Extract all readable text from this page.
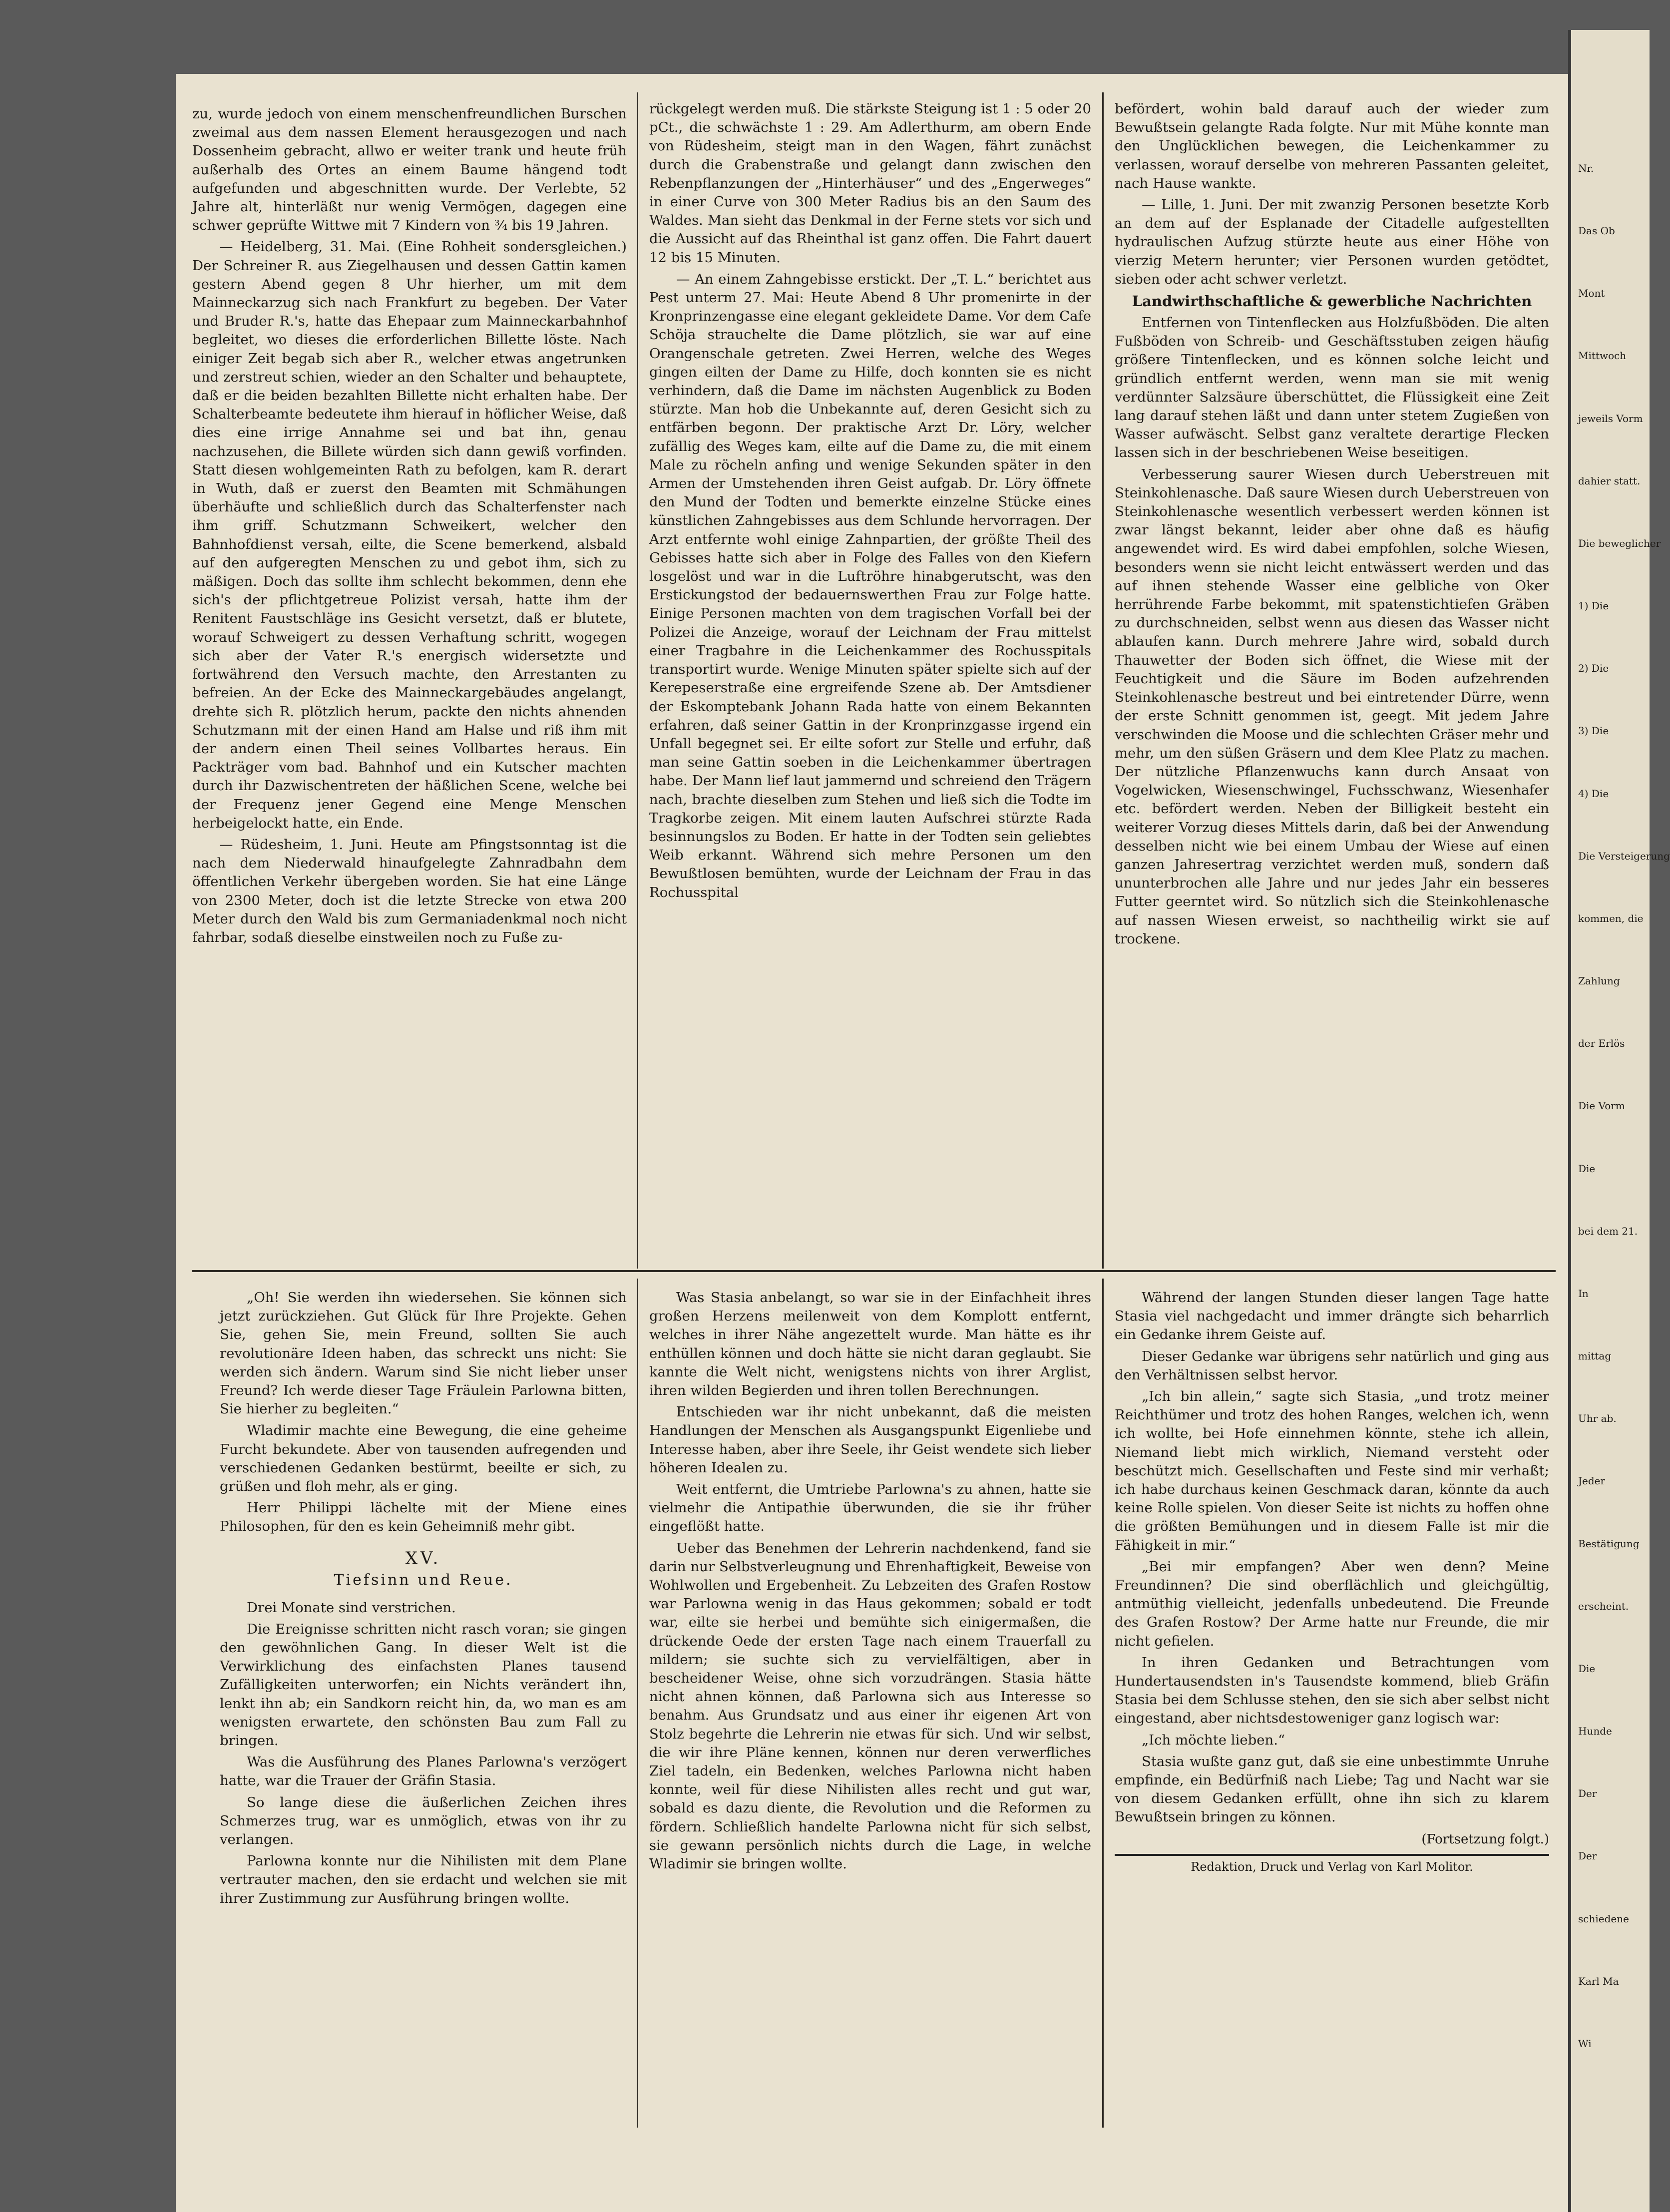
zu, wurde jedoch von einem menschenfreundlichen Burschen zweimal aus dem nassen Element herausgezogen und nach Dossenheim gebracht, allwo er weiter trank und heute früh außerhalb des Ortes an einem Baume hängend todt aufgefunden und abgeschnitten wurde. Der Verlebte, 52 Jahre alt, hinterläßt nur wenig Vermögen, dagegen eine schwer geprüfte Wittwe mit 7 Kindern von ¾ bis 19 Jahren.

— Heidelberg, 31. Mai. (Eine Rohheit sondersgleichen.) Der Schreiner R. aus Ziegelhausen und dessen Gattin kamen gestern Abend gegen 8 Uhr hierher, um mit dem Mainneckarzug sich nach Frankfurt zu begeben. Der Vater und Bruder R.'s, hatte das Ehepaar zum Mainneckarbahnhof begleitet, wo dieses die erforderlichen Billette löste. Nach einiger Zeit begab sich aber R., welcher etwas angetrunken und zerstreut schien, wieder an den Schalter und behauptete, daß er die beiden bezahlten Billette nicht erhalten habe. Der Schalterbeamte bedeutete ihm hierauf in höflicher Weise, daß dies eine irrige Annahme sei und bat ihn, genau nachzusehen, die Billete würden sich dann gewiß vorfinden. Statt diesen wohlgemeinten Rath zu befolgen, kam R. derart in Wuth, daß er zuerst den Beamten mit Schmähungen überhäufte und schließlich durch das Schalterfenster nach ihm griff. Schutzmann Schweikert, welcher den Bahnhofdienst versah, eilte, die Scene bemerkend, alsbald auf den aufgeregten Menschen zu und gebot ihm, sich zu mäßigen. Doch das sollte ihm schlecht bekommen, denn ehe sich's der pflichtgetreue Polizist versah, hatte ihm der Renitent Faustschläge ins Gesicht versetzt, daß er blutete, worauf Schweigert zu dessen Verhaftung schritt, wogegen sich aber der Vater R.'s energisch widersetzte und fortwährend den Versuch machte, den Arrestanten zu befreien. An der Ecke des Mainneckargebäudes angelangt, drehte sich R. plötzlich herum, packte den nichts ahnenden Schutzmann mit der einen Hand am Halse und riß ihm mit der andern einen Theil seines Vollbartes heraus. Ein Packträger vom bad. Bahnhof und ein Kutscher machten durch ihr Dazwischentreten der häßlichen Scene, welche bei der Frequenz jener Gegend eine Menge Menschen herbeigelockt hatte, ein Ende.

— Rüdesheim, 1. Juni. Heute am Pfingstsonntag ist die nach dem Niederwald hinaufgelegte Zahnradbahn dem öffentlichen Verkehr übergeben worden. Sie hat eine Länge von 2300 Meter, doch ist die letzte Strecke von etwa 200 Meter durch den Wald bis zum Germaniadenkmal noch nicht fahrbar, sodaß dieselbe einstweilen noch zu Fuße zu-

rückgelegt werden muß. Die stärkste Steigung ist 1 : 5 oder 20 pCt., die schwächste 1 : 29. Am Adlerthurm, am obern Ende von Rüdesheim, steigt man in den Wagen, fährt zunächst durch die Grabenstraße und gelangt dann zwischen den Rebenpflanzungen der „Hinterhäuser“ und des „Engerweges“ in einer Curve von 300 Meter Radius bis an den Saum des Waldes. Man sieht das Denkmal in der Ferne stets vor sich und die Aussicht auf das Rheinthal ist ganz offen. Die Fahrt dauert 12 bis 15 Minuten.

— An einem Zahngebisse erstickt. Der „T. L.“ berichtet aus Pest unterm 27. Mai: Heute Abend 8 Uhr promenirte in der Kronprinzengasse eine elegant gekleidete Dame. Vor dem Cafe Schöja strauchelte die Dame plötzlich, sie war auf eine Orangenschale getreten. Zwei Herren, welche des Weges gingen eilten der Dame zu Hilfe, doch konnten sie es nicht verhindern, daß die Dame im nächsten Augenblick zu Boden stürzte. Man hob die Unbekannte auf, deren Gesicht sich zu entfärben begonn. Der praktische Arzt Dr. Löry, welcher zufällig des Weges kam, eilte auf die Dame zu, die mit einem Male zu röcheln anfing und wenige Sekunden später in den Armen der Umstehenden ihren Geist aufgab. Dr. Löry öffnete den Mund der Todten und bemerkte einzelne Stücke eines künstlichen Zahngebisses aus dem Schlunde hervorragen. Der Arzt entfernte wohl einige Zahnpartien, der größte Theil des Gebisses hatte sich aber in Folge des Falles von den Kiefern losgelöst und war in die Luftröhre hinabgerutscht, was den Erstickungstod der bedauernswerthen Frau zur Folge hatte. Einige Personen machten von dem tragischen Vorfall bei der Polizei die Anzeige, worauf der Leichnam der Frau mittelst einer Tragbahre in die Leichenkammer des Rochusspitals transportirt wurde. Wenige Minuten später spielte sich auf der Kerepeserstraße eine ergreifende Szene ab. Der Amtsdiener der Eskomptebank Johann Rada hatte von einem Bekannten erfahren, daß seiner Gattin in der Kronprinzgasse irgend ein Unfall begegnet sei. Er eilte sofort zur Stelle und erfuhr, daß man seine Gattin soeben in die Leichenkammer übertragen habe. Der Mann lief laut jammernd und schreiend den Trägern nach, brachte dieselben zum Stehen und ließ sich die Todte im Tragkorbe zeigen. Mit einem lauten Aufschrei stürzte Rada besinnungslos zu Boden. Er hatte in der Todten sein geliebtes Weib erkannt. Während sich mehre Personen um den Bewußtlosen bemühten, wurde der Leichnam der Frau in das Rochusspital

befördert, wohin bald darauf auch der wieder zum Bewußtsein gelangte Rada folgte. Nur mit Mühe konnte man den Unglücklichen bewegen, die Leichenkammer zu verlassen, worauf derselbe von mehreren Passanten geleitet, nach Hause wankte.

— Lille, 1. Juni. Der mit zwanzig Personen besetzte Korb an dem auf der Esplanade der Citadelle aufgestellten hydraulischen Aufzug stürzte heute aus einer Höhe von vierzig Metern herunter; vier Personen wurden getödtet, sieben oder acht schwer verletzt.

Landwirthschaftliche & gewerbliche Nachrichten

Entfernen von Tintenflecken aus Holzfußböden. Die alten Fußböden von Schreib- und Geschäftsstuben zeigen häufig größere Tintenflecken, und es können solche leicht und gründlich entfernt werden, wenn man sie mit wenig verdünnter Salzsäure überschüttet, die Flüssigkeit eine Zeit lang darauf stehen läßt und dann unter stetem Zugießen von Wasser aufwäscht. Selbst ganz veraltete derartige Flecken lassen sich in der beschriebenen Weise beseitigen.

Verbesserung saurer Wiesen durch Ueberstreuen mit Steinkohlenasche. Daß saure Wiesen durch Ueberstreuen von Steinkohlenasche wesentlich verbessert werden können ist zwar längst bekannt, leider aber ohne daß es häufig angewendet wird. Es wird dabei empfohlen, solche Wiesen, besonders wenn sie nicht leicht entwässert werden und das auf ihnen stehende Wasser eine gelbliche von Oker herrührende Farbe bekommt, mit spatenstichtiefen Gräben zu durchschneiden, selbst wenn aus diesen das Wasser nicht ablaufen kann. Durch mehrere Jahre wird, sobald durch Thauwetter der Boden sich öffnet, die Wiese mit der Feuchtigkeit und die Säure im Boden aufzehrenden Steinkohlenasche bestreut und bei eintretender Dürre, wenn der erste Schnitt genommen ist, geegt. Mit jedem Jahre verschwinden die Moose und die schlechten Gräser mehr und mehr, um den süßen Gräsern und dem Klee Platz zu machen. Der nützliche Pflanzenwuchs kann durch Ansaat von Vogelwicken, Wiesenschwingel, Fuchsschwanz, Wiesenhafer etc. befördert werden. Neben der Billigkeit besteht ein weiterer Vorzug dieses Mittels darin, daß bei der Anwendung desselben nicht wie bei einem Umbau der Wiese auf einen ganzen Jahresertrag verzichtet werden muß, sondern daß ununterbrochen alle Jahre und nur jedes Jahr ein besseres Futter geerntet wird. So nützlich sich die Steinkohlenasche auf nassen Wiesen erweist, so nachtheilig wirkt sie auf trockene.

„Oh! Sie werden ihn wiedersehen. Sie können sich jetzt zurückziehen. Gut Glück für Ihre Projekte. Gehen Sie, gehen Sie, mein Freund, sollten Sie auch revolutionäre Ideen haben, das schreckt uns nicht: Sie werden sich ändern. Warum sind Sie nicht lieber unser Freund? Ich werde dieser Tage Fräulein Parlowna bitten, Sie hierher zu begleiten.“

Wladimir machte eine Bewegung, die eine geheime Furcht bekundete. Aber von tausenden aufregenden und verschiedenen Gedanken bestürmt, beeilte er sich, zu grüßen und floh mehr, als er ging.

Herr Philippi lächelte mit der Miene eines Philosophen, für den es kein Geheimniß mehr gibt.

XV.
Tiefsinn und Reue.

Drei Monate sind verstrichen.

Die Ereignisse schritten nicht rasch voran; sie gingen den gewöhnlichen Gang. In dieser Welt ist die Verwirklichung des einfachsten Planes tausend Zufälligkeiten unterworfen; ein Nichts verändert ihn, lenkt ihn ab; ein Sandkorn reicht hin, da, wo man es am wenigsten erwartete, den schönsten Bau zum Fall zu bringen.

Was die Ausführung des Planes Parlowna's verzögert hatte, war die Trauer der Gräfin Stasia.

So lange diese die äußerlichen Zeichen ihres Schmerzes trug, war es unmöglich, etwas von ihr zu verlangen.

Parlowna konnte nur die Nihilisten mit dem Plane vertrauter machen, den sie erdacht und welchen sie mit ihrer Zustimmung zur Ausführung bringen wollte.

Was Stasia anbelangt, so war sie in der Einfachheit ihres großen Herzens meilenweit von dem Komplott entfernt, welches in ihrer Nähe angezettelt wurde. Man hätte es ihr enthüllen können und doch hätte sie nicht daran geglaubt. Sie kannte die Welt nicht, wenigstens nichts von ihrer Arglist, ihren wilden Begierden und ihren tollen Berechnungen.

Entschieden war ihr nicht unbekannt, daß die meisten Handlungen der Menschen als Ausgangspunkt Eigenliebe und Interesse haben, aber ihre Seele, ihr Geist wendete sich lieber höheren Idealen zu.

Weit entfernt, die Umtriebe Parlowna's zu ahnen, hatte sie vielmehr die Antipathie überwunden, die sie ihr früher eingeflößt hatte.

Ueber das Benehmen der Lehrerin nachdenkend, fand sie darin nur Selbstverleugnung und Ehrenhaftigkeit, Beweise von Wohlwollen und Ergebenheit. Zu Lebzeiten des Grafen Rostow war Parlowna wenig in das Haus gekommen; sobald er todt war, eilte sie herbei und bemühte sich einigermaßen, die drückende Oede der ersten Tage nach einem Trauerfall zu mildern; sie suchte sich zu vervielfältigen, aber in bescheidener Weise, ohne sich vorzudrängen. Stasia hätte nicht ahnen können, daß Parlowna sich aus Interesse so benahm. Aus Grundsatz und aus einer ihr eigenen Art von Stolz begehrte die Lehrerin nie etwas für sich. Und wir selbst, die wir ihre Pläne kennen, können nur deren verwerfliches Ziel tadeln, ein Bedenken, welches Parlowna nicht haben konnte, weil für diese Nihilisten alles recht und gut war, sobald es dazu diente, die Revolution und die Reformen zu fördern. Schließlich handelte Parlowna nicht für sich selbst, sie gewann persönlich nichts durch die Lage, in welche Wladimir sie bringen wollte.

Während der langen Stunden dieser langen Tage hatte Stasia viel nachgedacht und immer drängte sich beharrlich ein Gedanke ihrem Geiste auf.

Dieser Gedanke war übrigens sehr natürlich und ging aus den Verhältnissen selbst hervor.

„Ich bin allein,“ sagte sich Stasia, „und trotz meiner Reichthümer und trotz des hohen Ranges, welchen ich, wenn ich wollte, bei Hofe einnehmen könnte, stehe ich allein, Niemand liebt mich wirklich, Niemand versteht oder beschützt mich. Gesellschaften und Feste sind mir verhaßt; ich habe durchaus keinen Geschmack daran, könnte da auch keine Rolle spielen. Von dieser Seite ist nichts zu hoffen ohne die größten Bemühungen und in diesem Falle ist mir die Fähigkeit in mir.“

„Bei mir empfangen? Aber wen denn? Meine Freundinnen? Die sind oberflächlich und gleichgültig, antmüthig vielleicht, jedenfalls unbedeutend. Die Freunde des Grafen Rostow? Der Arme hatte nur Freunde, die mir nicht gefielen.

In ihren Gedanken und Betrachtungen vom Hundertausendsten in's Tausendste kommend, blieb Gräfin Stasia bei dem Schlusse stehen, den sie sich aber selbst nicht eingestand, aber nichtsdestoweniger ganz logisch war:

„Ich möchte lieben.“

Stasia wußte ganz gut, daß sie eine unbestimmte Unruhe empfinde, ein Bedürfniß nach Liebe; Tag und Nacht war sie von diesem Gedanken erfüllt, ohne ihn sich zu klarem Bewußtsein bringen zu können.

(Fortsetzung folgt.)
Redaktion, Druck und Verlag von Karl Molitor.
Nr.
Das Ob
Mont
Mittwoch
jeweils Vorm
dahier statt.
Die beweglicher
1) Die
2) Die
3) Die
4) Die
Die Versteigerung
kommen, die
Zahlung
der Erlös
Die Vorm
Die
bei dem 21.
In
mittag
Uhr ab.
Jeder
Bestätigung
erscheint.
Die
Hunde
Der
Der
schiedene
Karl Ma
Wi
